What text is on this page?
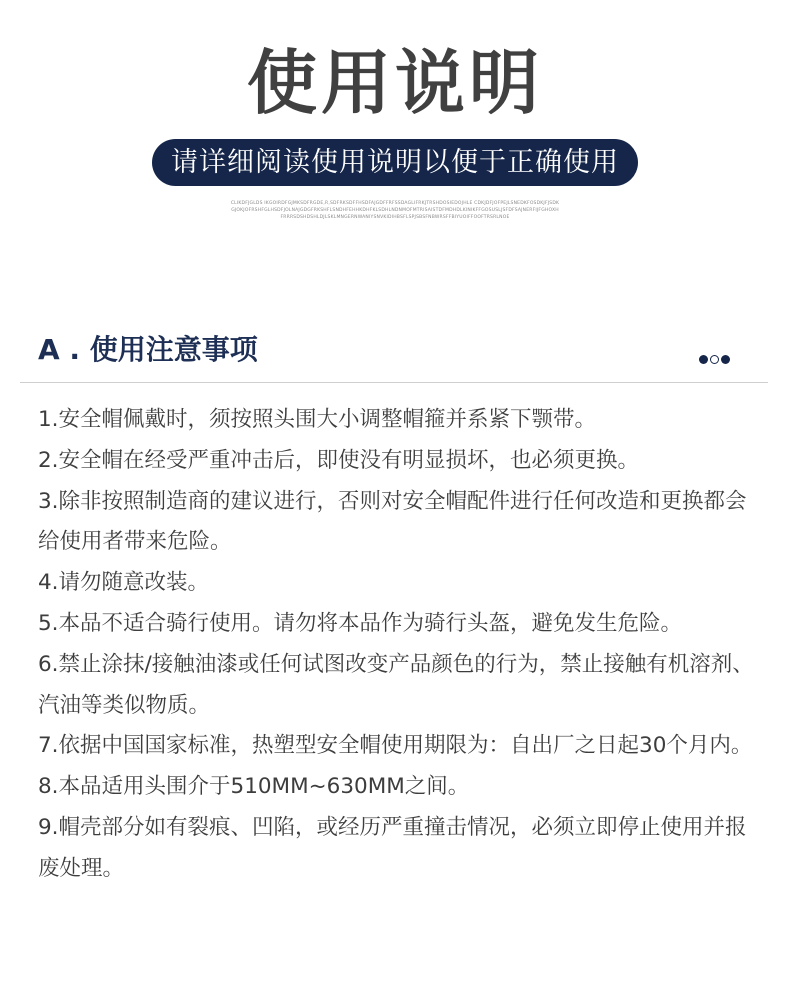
使用说明
请详细阅读使用说明以便于正确使用
CLIKDFJGLDS IKGOIRDFGJMKSDFRGDE,R,SDFRKSDFFHSDFAJGDFFRFSSDAGLIFRKJTRSHDOSIEDOJHLE CDKJDFJOFPEJLSNEDKFOSDKJFJSDKGJOKJOFRSHFGLHSDFJOLNAJGDGFRKSHFLSNDHFEHHKDHFKLSDHLNDNMOFMTRISAISTDFMDHDLKINIKFFGOSUSLJSFDFSAJNERFIJFGHOXHFRRRSDSHDSHLDJLSKLMNGERNWANIYSNVKIDIHBSFLSPJSBSFNBWRSFFBIYUOIFFOOFTRSRLNOE
A . 使用注意事项
1.安全帽佩戴时，须按照头围大小调整帽箍并系紧下颚带。
2.安全帽在经受严重冲击后，即使没有明显损坏，也必须更换。
3.除非按照制造商的建议进行，否则对安全帽配件进行任何改造和更换都会给使用者带来危险。
4.请勿随意改装。
5.本品不适合骑行使用。请勿将本品作为骑行头盔，避免发生危险。
6.禁止涂抹/接触油漆或任何试图改变产品颜色的行为，禁止接触有机溶剂、汽油等类似物质。
7.依据中国国家标准，热塑型安全帽使用期限为：自出厂之日起30个月内。
8.本品适用头围介于510MM~630MM之间。
9.帽壳部分如有裂痕、凹陷，或经历严重撞击情况，必须立即停止使用并报废处理。
